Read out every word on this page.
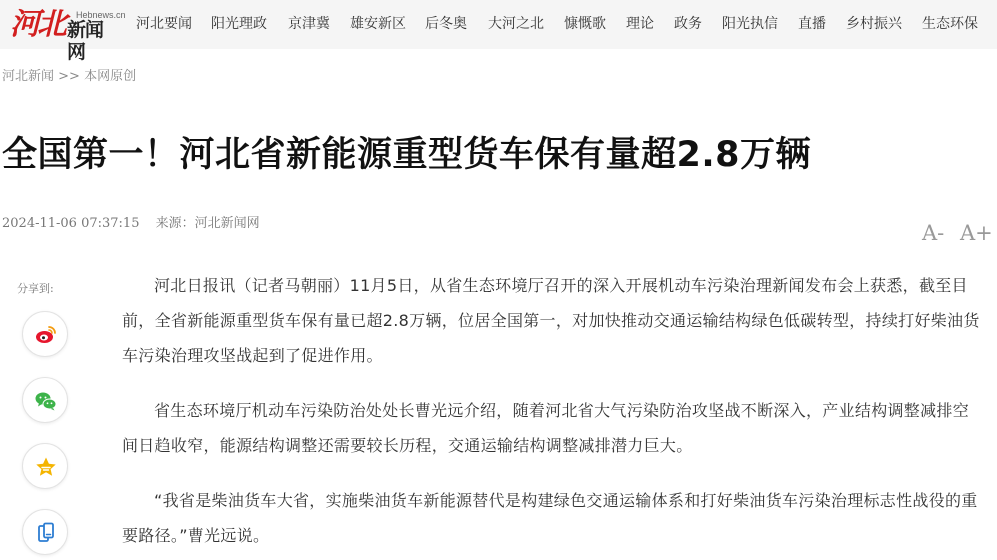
河北 Hebnews.cn
新闻网
河北要闻 阳光理政 京津冀 雄安新区 后冬奥 大河之北 慷慨歌 理论 政务 阳光执信 直播 乡村振兴 生态环保
河北新闻 >> 本网原创
全国第一！河北省新能源重型货车保有量超2.8万辆
2024-11-06 07:37:15 来源：河北新闻网	A- A+
分享到:	河北日报讯（记者马朝丽）11月5日，从省生态环境厅召开的深入开展机动车污染治理新闻发布会上获悉，截至目前，全省新能源重型货车保有量已超2.8万辆，位居全国第一，对加快推动交通运输结构绿色低碳转型，持续打好柴油货车污染治理攻坚战起到了促进作用。

省生态环境厅机动车污染防治处处长曹光远介绍，随着河北省大气污染防治攻坚战不断深入，产业结构调整减排空间日趋收窄，能源结构调整还需要较长历程，交通运输结构调整减排潜力巨大。

“我省是柴油货车大省，实施柴油货车新能源替代是构建绿色交通运输体系和打好柴油货车污染治理标志性战役的重要路径。”曹光远说。
